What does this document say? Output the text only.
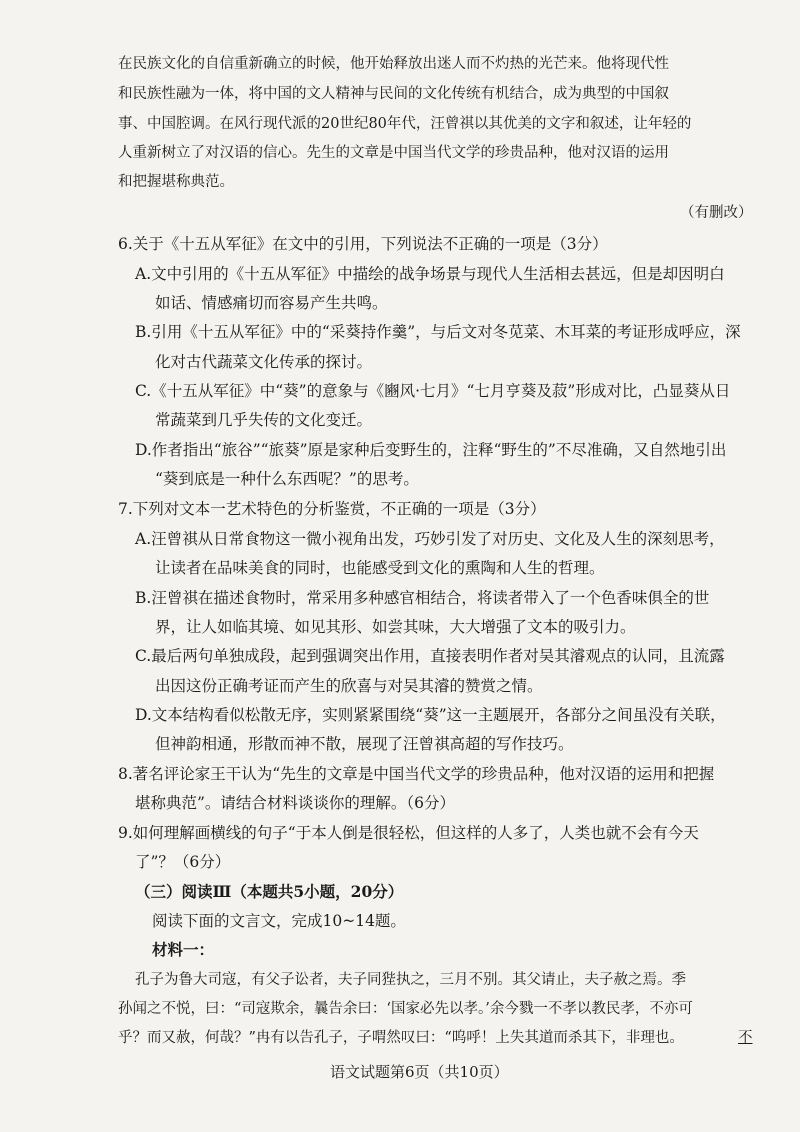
在民族文化的自信重新确立的时候，他开始释放出迷人而不灼热的光芒来。他将现代性
和民族性融为一体，将中国的文人精神与民间的文化传统有机结合，成为典型的中国叙
事、中国腔调。在风行现代派的20世纪80年代，汪曾祺以其优美的文字和叙述，让年轻的
人重新树立了对汉语的信心。先生的文章是中国当代文学的珍贵品种，他对汉语的运用
和把握堪称典范。
（有删改）
6.关于《十五从军征》在文中的引用，下列说法不正确的一项是（3分）
A.文中引用的《十五从军征》中描绘的战争场景与现代人生活相去甚远，但是却因明白
如话、情感痛切而容易产生共鸣。
B.引用《十五从军征》中的“采葵持作羹”，与后文对冬苋菜、木耳菜的考证形成呼应，深
化对古代蔬菜文化传承的探讨。
C.《十五从军征》中“葵”的意象与《豳风·七月》“七月亨葵及菽”形成对比，凸显葵从日
常蔬菜到几乎失传的文化变迁。
D.作者指出“旅谷”“旅葵”原是家种后变野生的，注释“野生的”不尽准确，又自然地引出
“葵到底是一种什么东西呢？”的思考。
7.下列对文本一艺术特色的分析鉴赏，不正确的一项是（3分）
A.汪曾祺从日常食物这一微小视角出发，巧妙引发了对历史、文化及人生的深刻思考，
让读者在品味美食的同时，也能感受到文化的熏陶和人生的哲理。
B.汪曾祺在描述食物时，常采用多种感官相结合，将读者带入了一个色香味俱全的世
界，让人如临其境、如见其形、如尝其味，大大增强了文本的吸引力。
C.最后两句单独成段，起到强调突出作用，直接表明作者对吴其濬观点的认同，且流露
出因这份正确考证而产生的欣喜与对吴其濬的赞赏之情。
D.文本结构看似松散无序，实则紧紧围绕“葵”这一主题展开，各部分之间虽没有关联，
但神韵相通，形散而神不散，展现了汪曾祺高超的写作技巧。
8.著名评论家王干认为“先生的文章是中国当代文学的珍贵品种，他对汉语的运用和把握
堪称典范”。请结合材料谈谈你的理解。（6分）
9.如何理解画横线的句子“于本人倒是很轻松，但这样的人多了，人类也就不会有今天
了”？（6分）
（三）阅读Ⅲ（本题共5小题，20分）
阅读下面的文言文，完成10~14题。
材料一：
孔子为鲁大司寇，有父子讼者，夫子同狴执之，三月不别。其父请止，夫子赦之焉。季
孙闻之不悦，曰：“司寇欺余，曩告余曰：‘国家必先以孝。’余今戮一不孝以教民孝，不亦可
乎？而又赦，何哉？”冉有以告孔子，子喟然叹曰：“呜呼！上失其道而杀其下，非理也。	不
语文试题第6页（共10页）
